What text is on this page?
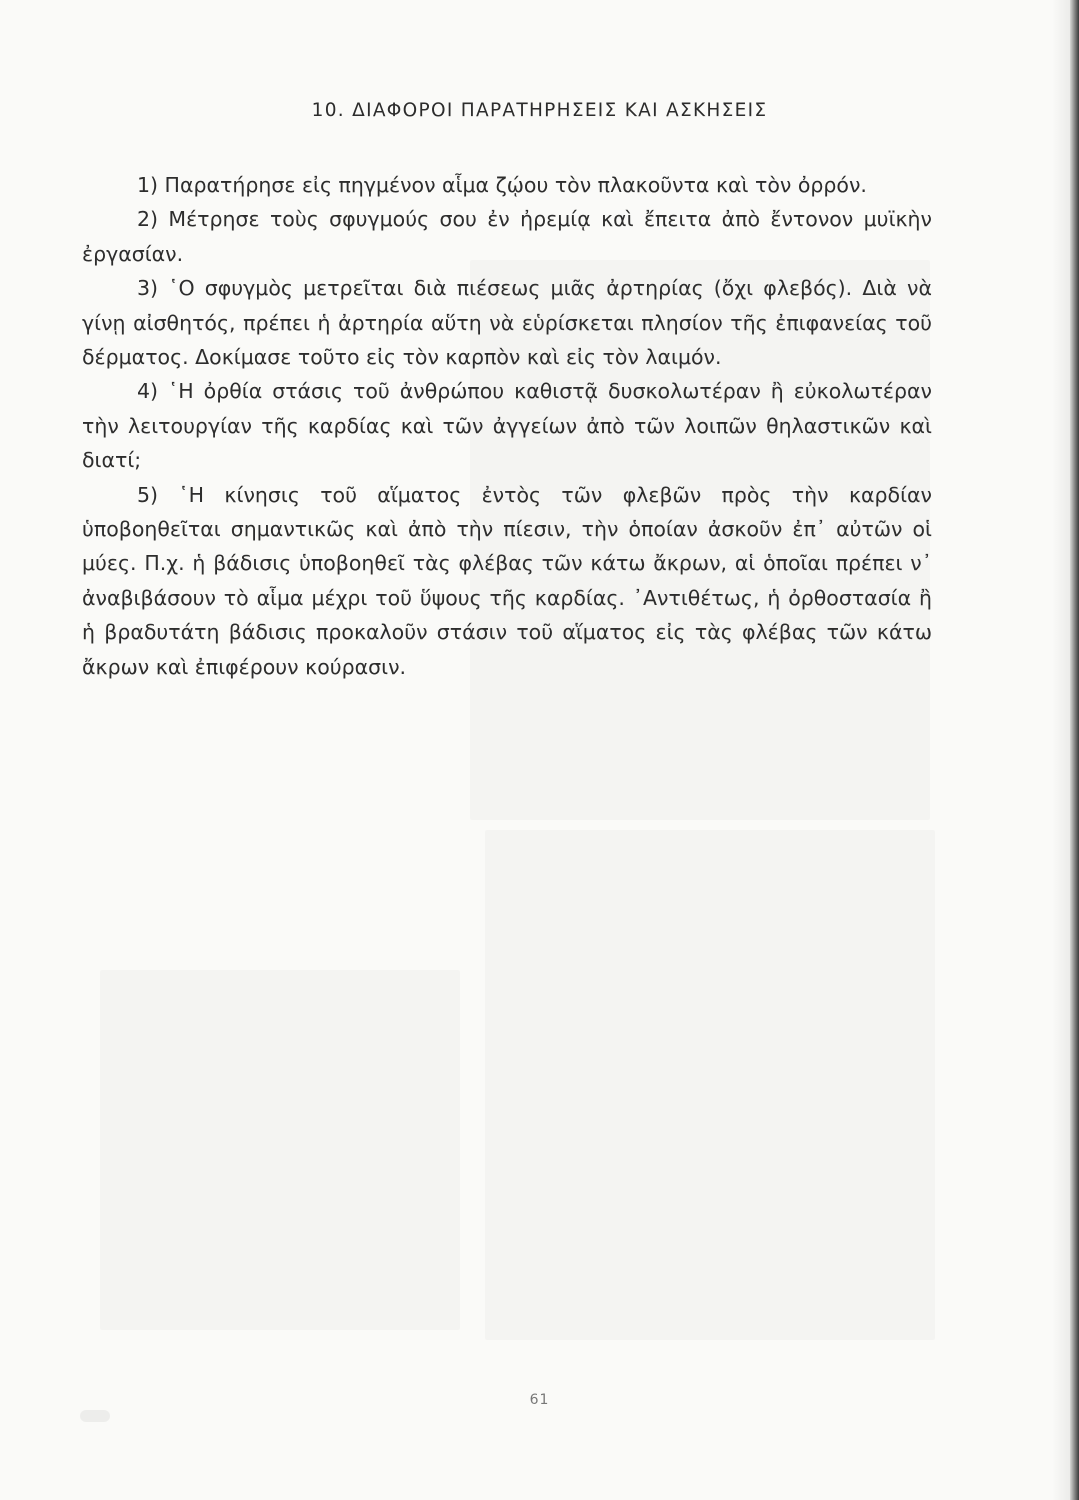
10. ΔΙΑΦΟΡΟΙ ΠΑΡΑΤΗΡΗΣΕΙΣ ΚΑΙ ΑΣΚΗΣΕΙΣ

1) Παρατήρησε εἰς πηγμένον αἷμα ζῴου τὸν πλακοῦντα καὶ τὸν ὀρρόν.

2) Μέτρησε τοὺς σφυγμούς σου ἐν ἠρεμίᾳ καὶ ἔπειτα ἀπὸ ἔντονον μυϊκὴν ἐργασίαν.

3) ῾Ο σφυγμὸς μετρεῖται διὰ πιέσεως μιᾶς ἀρτηρίας (ὄχι φλεβός). Διὰ νὰ γίνῃ αἰσθητός, πρέπει ἡ ἀρτηρία αὕτη νὰ εὑρίσκεται πλησίον τῆς ἐπιφανείας τοῦ δέρματος. Δοκίμασε τοῦτο εἰς τὸν καρπὸν καὶ εἰς τὸν λαιμόν.

4) ῾Η ὀρθία στάσις τοῦ ἀνθρώπου καθιστᾷ δυσκολωτέραν ἢ εὐκολωτέραν τὴν λειτουργίαν τῆς καρδίας καὶ τῶν ἀγγείων ἀπὸ τῶν λοιπῶν θηλαστικῶν καὶ διατί;

5) ῾Η κίνησις τοῦ αἵματος ἐντὸς τῶν φλεβῶν πρὸς τὴν καρδίαν ὑποβοηθεῖται σημαντικῶς καὶ ἀπὸ τὴν πίεσιν, τὴν ὁποίαν ἀσκοῦν ἐπ᾽ αὐτῶν οἱ μύες. Π.χ. ἡ βάδισις ὑποβοηθεῖ τὰς φλέβας τῶν κάτω ἄκρων, αἱ ὁποῖαι πρέπει ν᾽ ἀναβιβάσουν τὸ αἷμα μέχρι τοῦ ὕψους τῆς καρδίας. ᾽Αντιθέτως, ἡ ὀρθοστασία ἢ ἡ βραδυτάτη βάδισις προκαλοῦν στάσιν τοῦ αἵματος εἰς τὰς φλέβας τῶν κάτω ἄκρων καὶ ἐπιφέρουν κούρασιν.

61
